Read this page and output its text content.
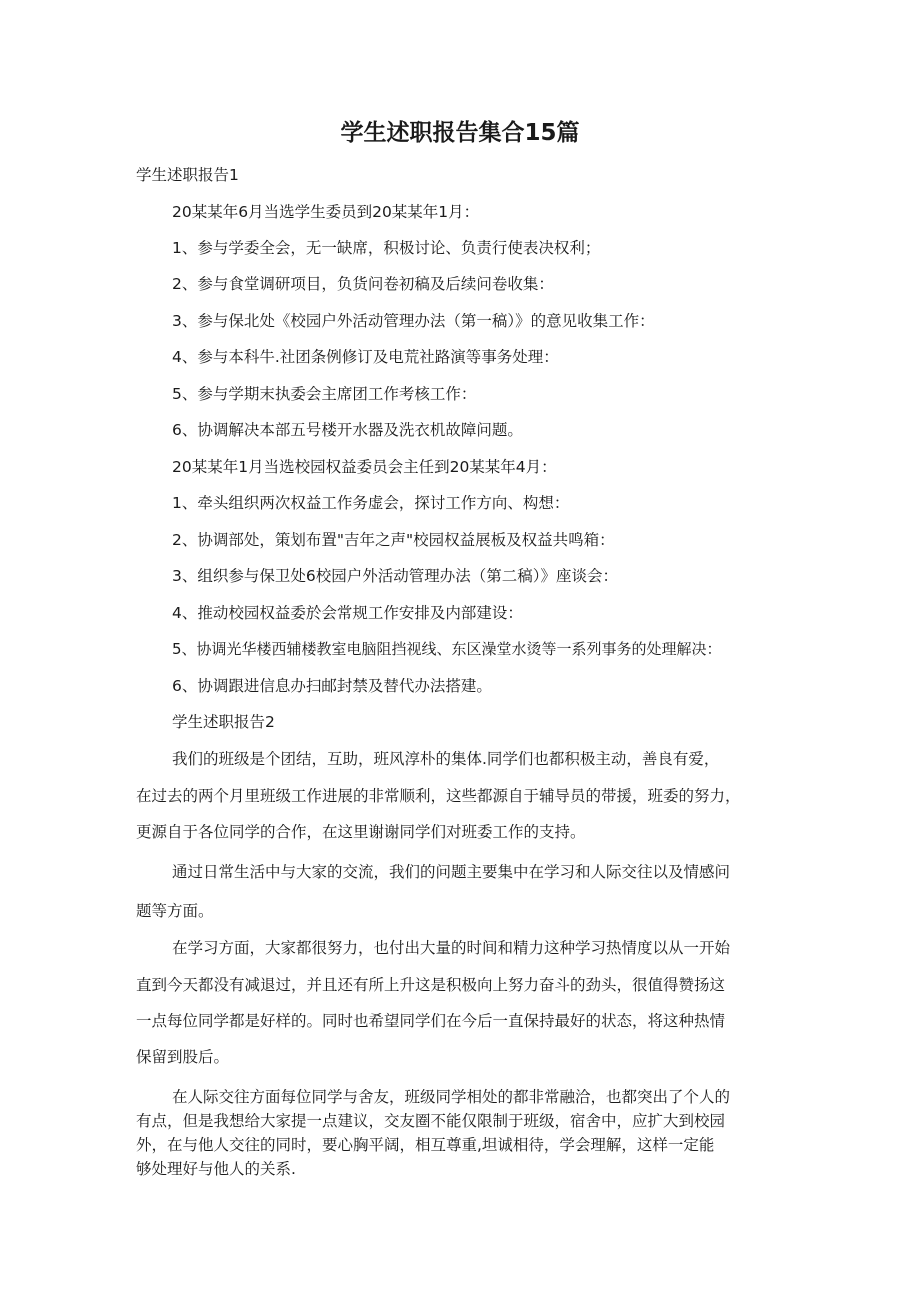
学生述职报告集合15篇
学生述职报告1
20某某年6月当选学生委员到20某某年1月：
1、参与学委全会，无一缺席，积极讨论、负责行使表决权利；
2、参与食堂调研项目，负货问卷初稿及后续问卷收集：
3、参与保北处《校园户外活动管理办法（第一稿）》的意见收集工作：
4、参与本科牛.社团条例修订及电荒社路演等事务处理：
5、参与学期末执委会主席团工作考核工作：
6、协调解决本部五号楼开水器及洗衣机故障问题。
20某某年1月当选校园权益委员会主任到20某某年4月：
1、牵头组织两次权益工作务虚会，探讨工作方向、构想：
2、协调部处，策划布置"吉年之声"校园权益展板及权益共鸣箱：
3、组织参与保卫处6校园户外活动管理办法（第二稿）》座谈会：
4、推动校园权益委於会常规工作安排及内部建设：
5、协调光华楼西辅楼教室电脑阻挡视线、东区澡堂水烫等一系列事务的处理解决：
6、协调跟进信息办扫邮封禁及替代办法搭建。
学生述职报告2
我们的班级是个团结，互助，班风淳朴的集体.同学们也都积极主动，善良有爱，
在过去的两个月里班级工作进展的非常顺利，这些都源自于辅导员的带援，班委的努力，
更源自于各位同学的合作，在这里谢谢同学们对班委工作的支持。
通过日常生活中与大家的交流，我们的问题主要集中在学习和人际交往以及情感问
题等方面。
在学习方面，大家都很努力，也付出大量的时间和精力这种学习热情度以从一开始
直到今天都没有减退过，并且还有所上升这是积极向上努力奋斗的劲头，很值得赞扬这
一点每位同学都是好样的。同时也希望同学们在今后一直保持最好的状态，将这种热情
保留到股后。
在人际交往方面每位同学与舍友，班级同学相处的都非常融洽，也都突出了个人的
有点，但是我想给大家提一点建议，交友圈不能仅限制于班级，宿舍中，应扩大到校园
外，在与他人交往的同时，要心胸平阔，相互尊重,坦诚相待，学会理解，这样一定能
够处理好与他人的关系.
